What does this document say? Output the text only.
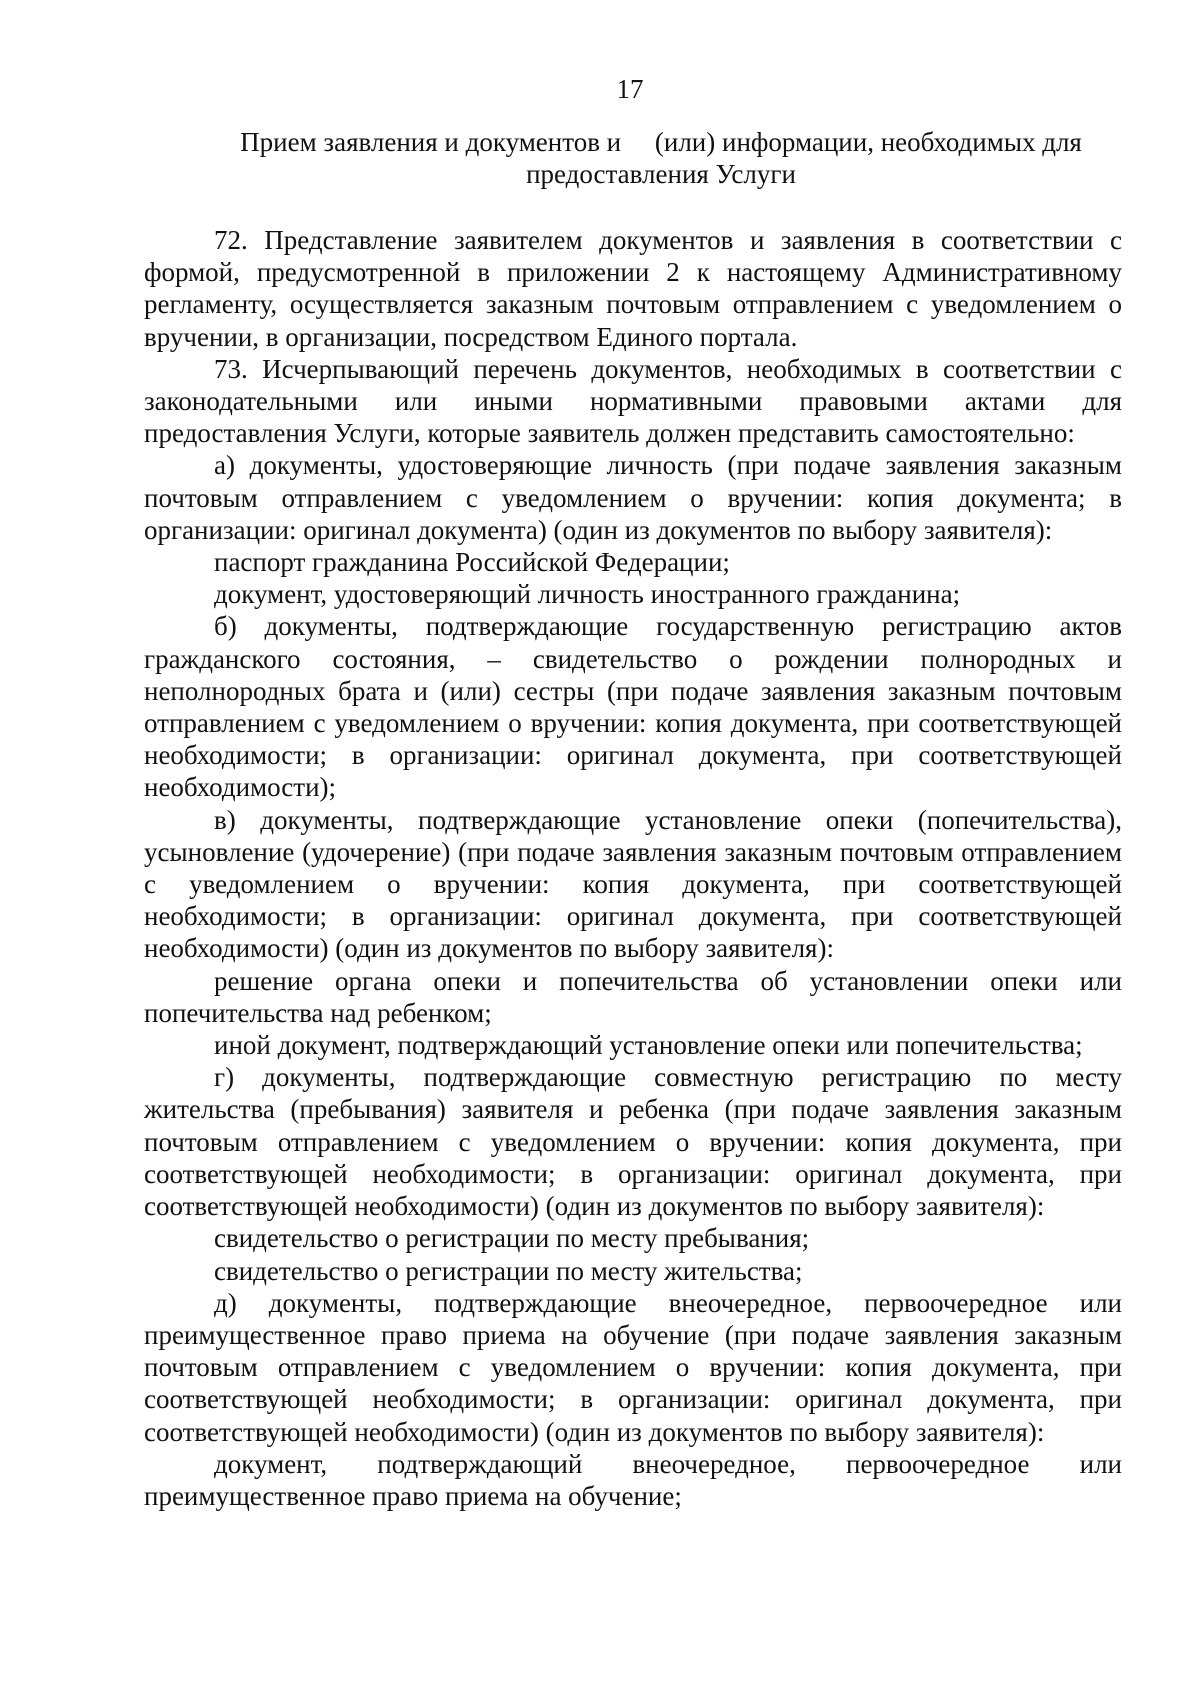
17
Прием заявления и документов и     (или) информации, необходимых для
предоставления Услуги

72. Представление заявителем документов и заявления в соответствии с формой, предусмотренной в приложении 2 к настоящему Административному регламенту, осуществляется заказным почтовым отправлением с уведомлением о вручении, в организации, посредством Единого портала.

73. Исчерпывающий перечень документов, необходимых в соответствии с законодательными или иными нормативными правовыми актами для предоставления Услуги, которые заявитель должен представить самостоятельно:

а) документы, удостоверяющие личность (при подаче заявления заказным почтовым отправлением с уведомлением о вручении: копия документа; в организации: оригинал документа) (один из документов по выбору заявителя):

паспорт гражданина Российской Федерации;

документ, удостоверяющий личность иностранного гражданина;

б) документы, подтверждающие государственную регистрацию актов гражданского состояния, – свидетельство о рождении полнородных и неполнородных брата и (или) сестры (при подаче заявления заказным почтовым отправлением с уведомлением о вручении: копия документа, при соответствующей необходимости; в организации: оригинал документа, при соответствующей необходимости);

в) документы, подтверждающие установление опеки (попечительства), усыновление (удочерение) (при подаче заявления заказным почтовым отправлением с уведомлением о вручении: копия документа, при соответствующей необходимости; в организации: оригинал документа, при соответствующей необходимости) (один из документов по выбору заявителя):

решение органа опеки и попечительства об установлении опеки или попечительства над ребенком;

иной документ, подтверждающий установление опеки или попечительства;

г) документы, подтверждающие совместную регистрацию по месту жительства (пребывания) заявителя и ребенка (при подаче заявления заказным почтовым отправлением с уведомлением о вручении: копия документа, при соответствующей необходимости; в организации: оригинал документа, при соответствующей необходимости) (один из документов по выбору заявителя):

свидетельство о регистрации по месту пребывания;

свидетельство о регистрации по месту жительства;

д) документы, подтверждающие внеочередное, первоочередное или преимущественное право приема на обучение (при подаче заявления заказным почтовым отправлением с уведомлением о вручении: копия документа, при соответствующей необходимости; в организации: оригинал документа, при соответствующей необходимости) (один из документов по выбору заявителя):

документ, подтверждающий внеочередное, первоочередное или преимущественное право приема на обучение;
